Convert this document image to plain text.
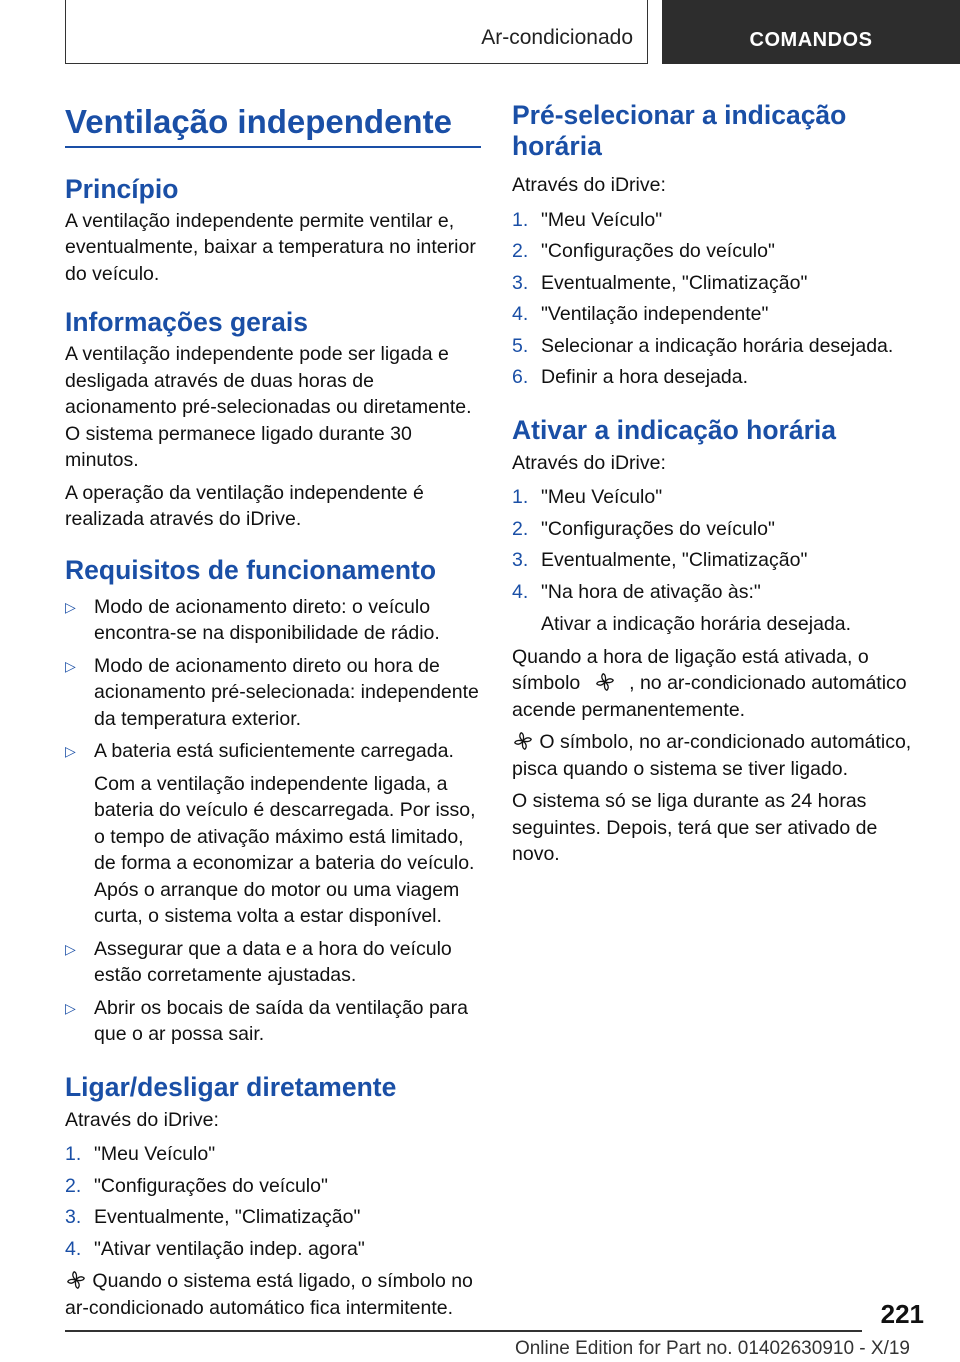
Ar-condicionado	COMANDOS
Ventilação independente
Princípio

A ventilação independente permite ventilar e, eventualmente, baixar a temperatura no interior do veículo.

Informações gerais

A ventilação independente pode ser ligada e desligada através de duas horas de acionamento pré-selecionadas ou diretamente. O sistema permanece ligado durante 30 minutos.

A operação da ventilação independente é realizada através do iDrive.

Requisitos de funcionamento
▷ Modo de acionamento direto: o veículo encontra-se na disponibilidade de rádio.
▷ Modo de acionamento direto ou hora de acionamento pré-selecionada: independente da temperatura exterior.
▷ A bateria está suficientemente carregada.
Com a ventilação independente ligada, a bateria do veículo é descarregada. Por isso, o tempo de ativação máximo está limitado, de forma a economizar a bateria do veículo. Após o arranque do motor ou uma viagem curta, o sistema volta a estar disponível.
▷ Assegurar que a data e a hora do veículo estão corretamente ajustadas.
▷ Abrir os bocais de saída da ventilação para que o ar possa sair.
Ligar/desligar diretamente

Através do iDrive:

1. "Meu Veículo"
2. "Configurações do veículo"
3. Eventualmente, "Climatização"
4. "Ativar ventilação indep. agora"

Quando o sistema está ligado, o símbolo no ar-condicionado automático fica intermitente.

Pré-selecionar a indicação horária

Através do iDrive:

1. "Meu Veículo"
2. "Configurações do veículo"
3. Eventualmente, "Climatização"
4. "Ventilação independente"
5. Selecionar a indicação horária desejada.
6. Definir a hora desejada.
Ativar a indicação horária

Através do iDrive:

1. "Meu Veículo"
2. "Configurações do veículo"
3. Eventualmente, "Climatização"
4. "Na hora de ativação às:"
Ativar a indicação horária desejada.

Quando a hora de ligação está ativada, o símbolo	, no ar-condicionado automático acende permanentemente.

O símbolo, no ar-condicionado automático, pisca quando o sistema se tiver ligado.

O sistema só se liga durante as 24 horas seguintes. Depois, terá que ser ativado de novo.

221
Online Edition for Part no. 01402630910 - X/19
